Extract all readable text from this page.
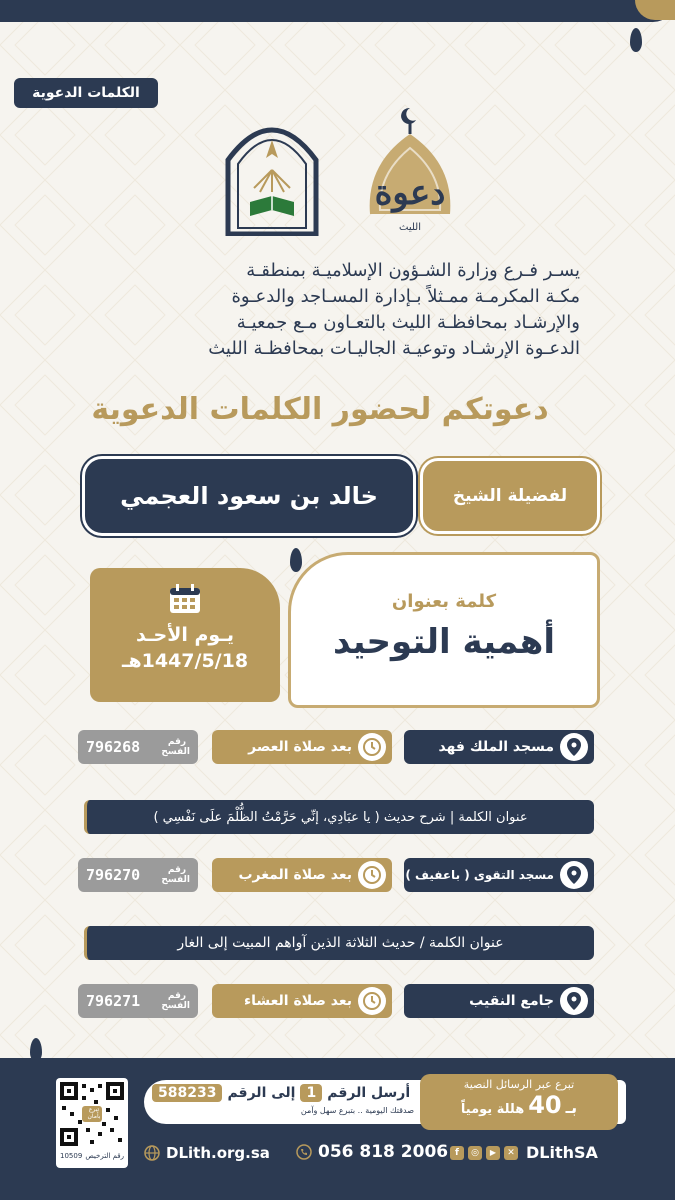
الكلمات الدعوية
دعوة
الليث
يسـر فـرع وزارة الشـؤون الإسلاميـة بمنطقـة
مكـة المكرمـة ممـثلاً بـإدارة المسـاجد والدعـوة
والإرشـاد بمحافظـة الليث بالتعـاون مـع جمعيـة
الدعـوة الإرشـاد وتوعيـة الجاليـات بمحافظـة الليث
دعوتكم لحضور الكلمات الدعوية
لفضيلة الشيخ
خالد بن سعود العجمي
كلمة بعنوان
أهمية التوحيد
يـوم الأحـد
1447/5/18هـ
مسجد الملك فهد
بعد صلاة العصر
رقم الفسح
796268
عنوان الكلمة | شرح حديث ( يا عبَادِي، إنِّي حَرَّمْتُ الظُّلْمَ علَى نَفْسِي )
مسجد التقوى ( باعفيف )
بعد صلاة المغرب
رقم الفسح
796270
عنوان الكلمة / حديث الثلاثة الذين آواهم المبيت إلى الغار
جامع النقيب
بعد صلاة العشاء
رقم الفسح
796271
تبرع بأمان
رقم الترخيص
10509
تبرع عبر الرسائل النصية
بـ
40
هللة يومياً
أرسل الرقم
1
إلى الرقم
588233
صدقتك اليومية .. بتبرع سهل وآمن
DLith.org.sa	056 818 2006 f	◎	▶	✕ DLithSA
